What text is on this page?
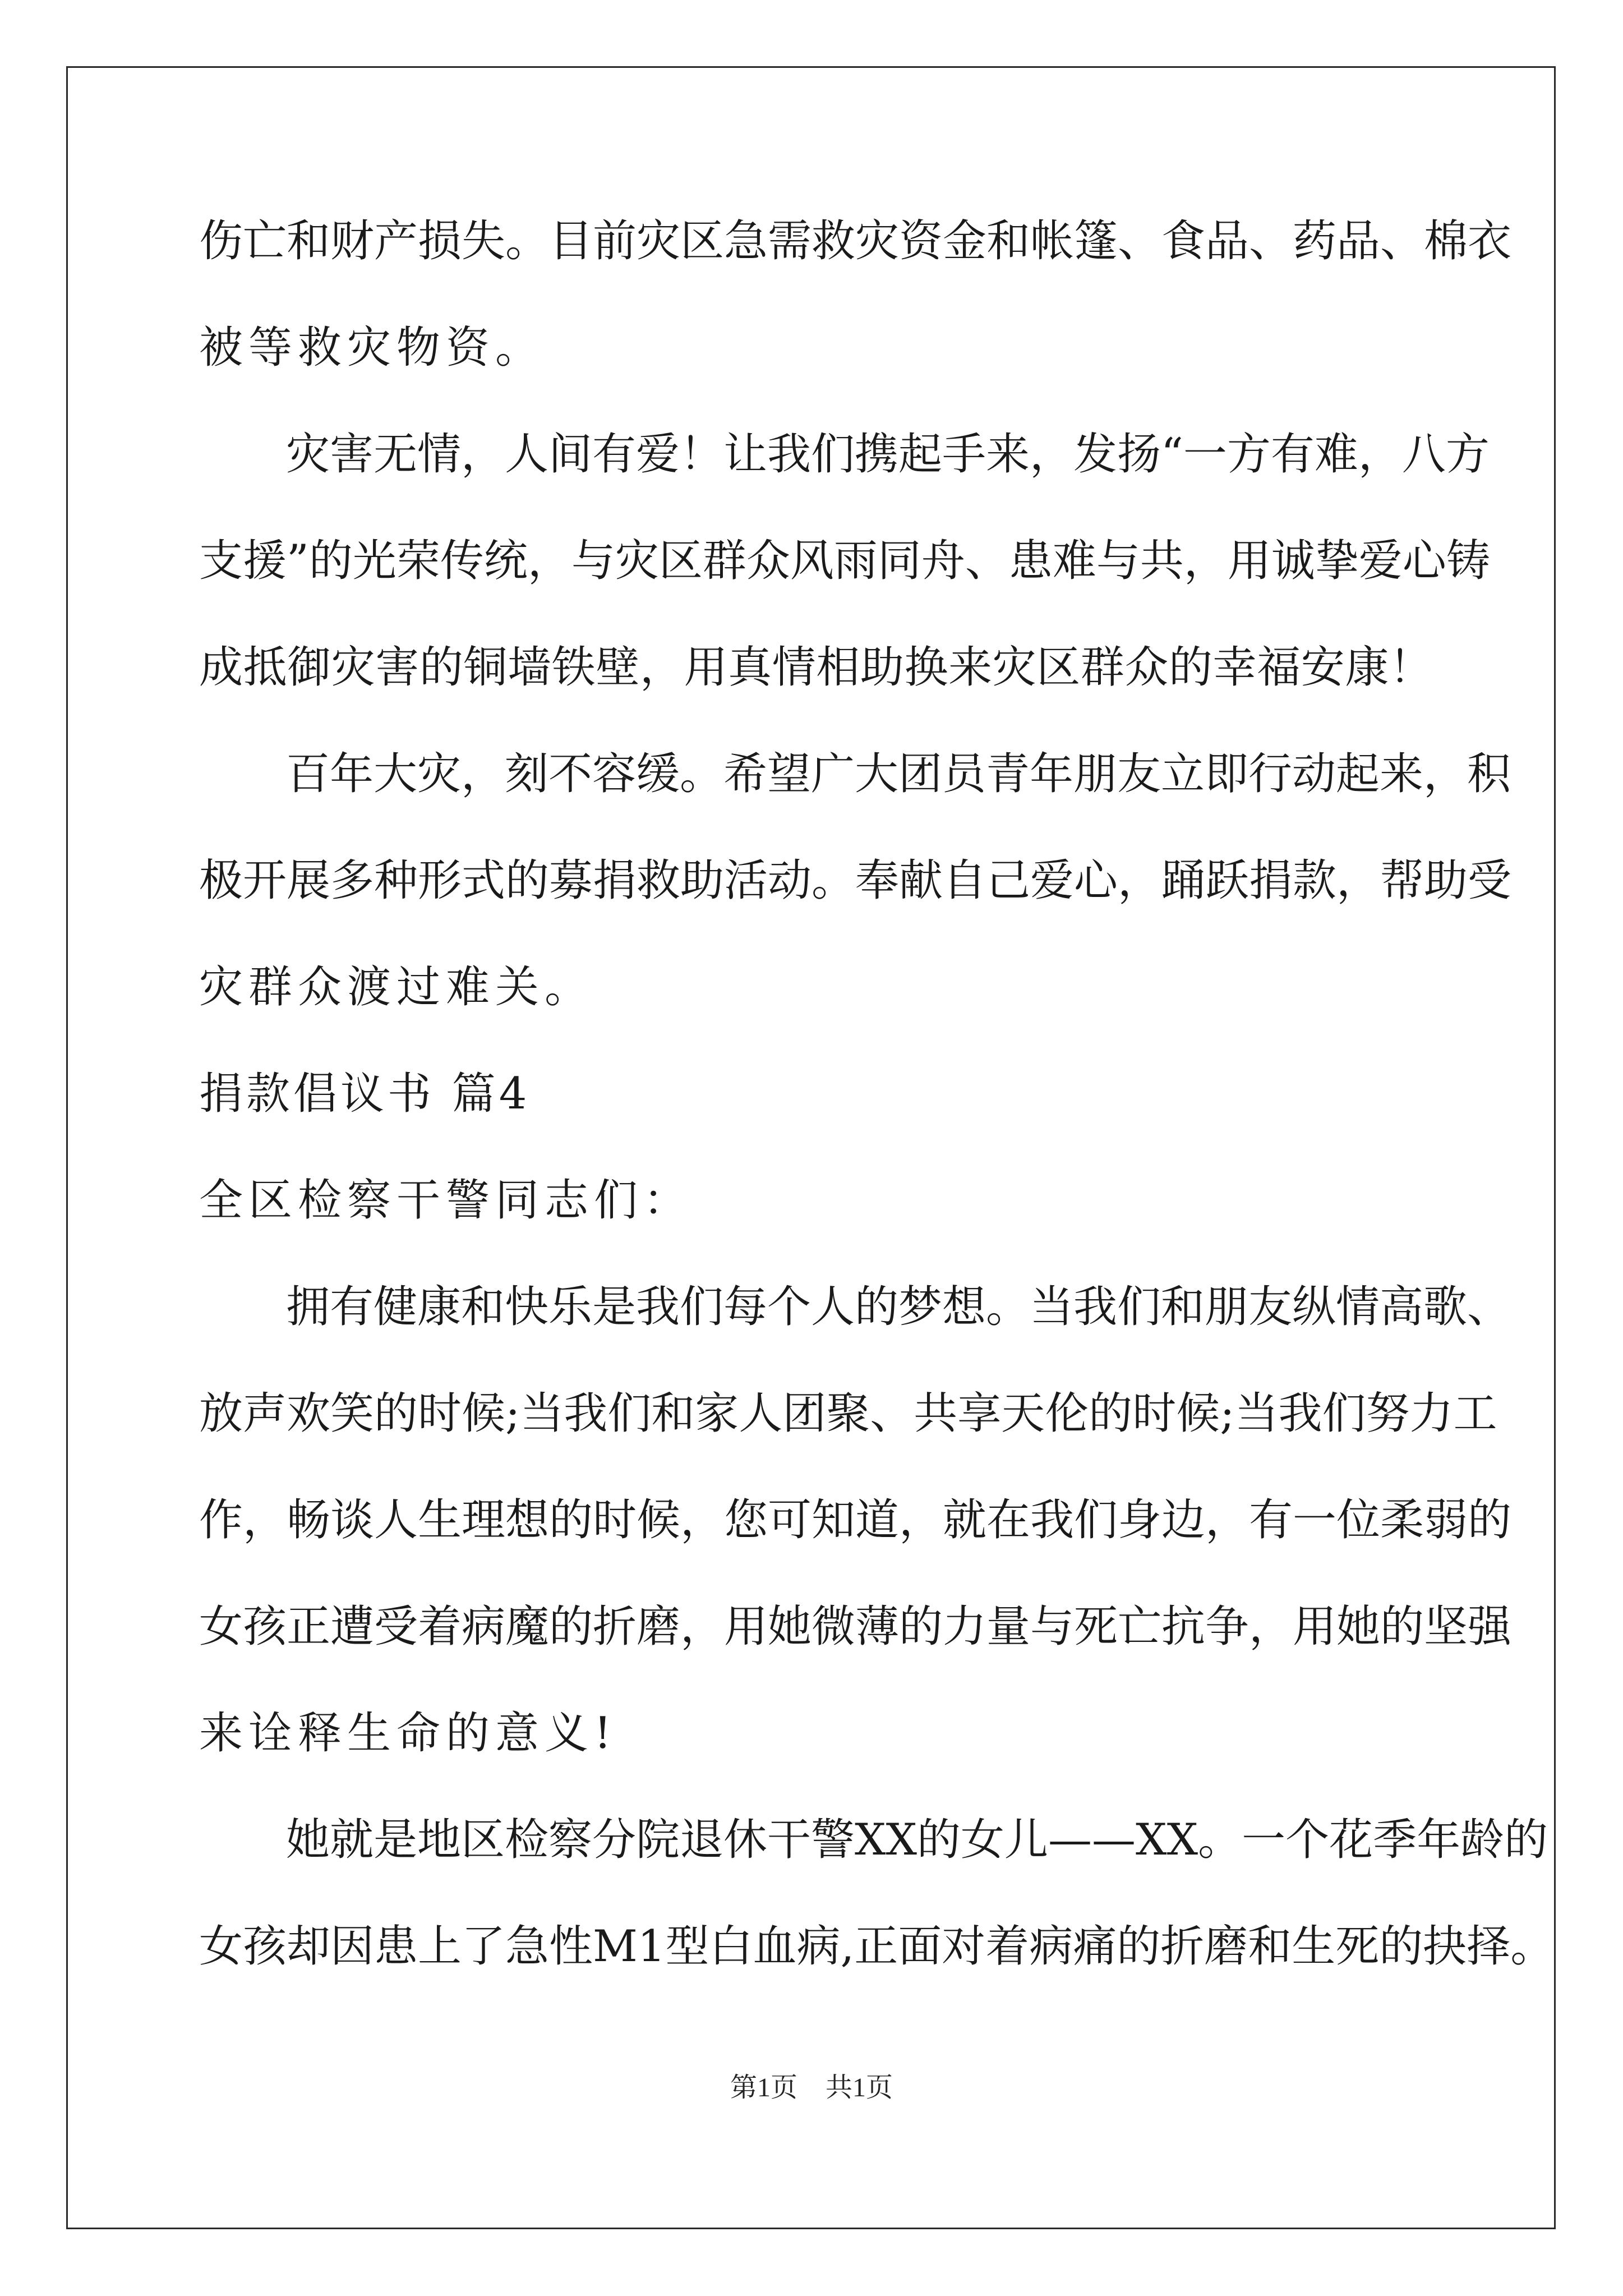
伤亡和财产损失。目前灾区急需救灾资金和帐篷、食品、药品、棉衣
被等救灾物资。
灾害无情，人间有爱！让我们携起手来，发扬“一方有难，八方
支援”的光荣传统，与灾区群众风雨同舟、患难与共，用诚挚爱心铸
成抵御灾害的铜墙铁壁，用真情相助换来灾区群众的幸福安康！
百年大灾，刻不容缓。希望广大团员青年朋友立即行动起来，积
极开展多种形式的募捐救助活动。奉献自己爱心，踊跃捐款，帮助受
灾群众渡过难关。
捐款倡议书 篇4
全区检察干警同志们：
拥有健康和快乐是我们每个人的梦想。当我们和朋友纵情高歌、
放声欢笑的时候;当我们和家人团聚、共享天伦的时候;当我们努力工
作，畅谈人生理想的时候，您可知道，就在我们身边，有一位柔弱的
女孩正遭受着病魔的折磨，用她微薄的力量与死亡抗争，用她的坚强
来诠释生命的意义!
她就是地区检察分院退休干警XX的女儿——XX。一个花季年龄的
女孩却因患上了急性M1型白血病,正面对着病痛的折磨和生死的抉择。
第1页 共1页
